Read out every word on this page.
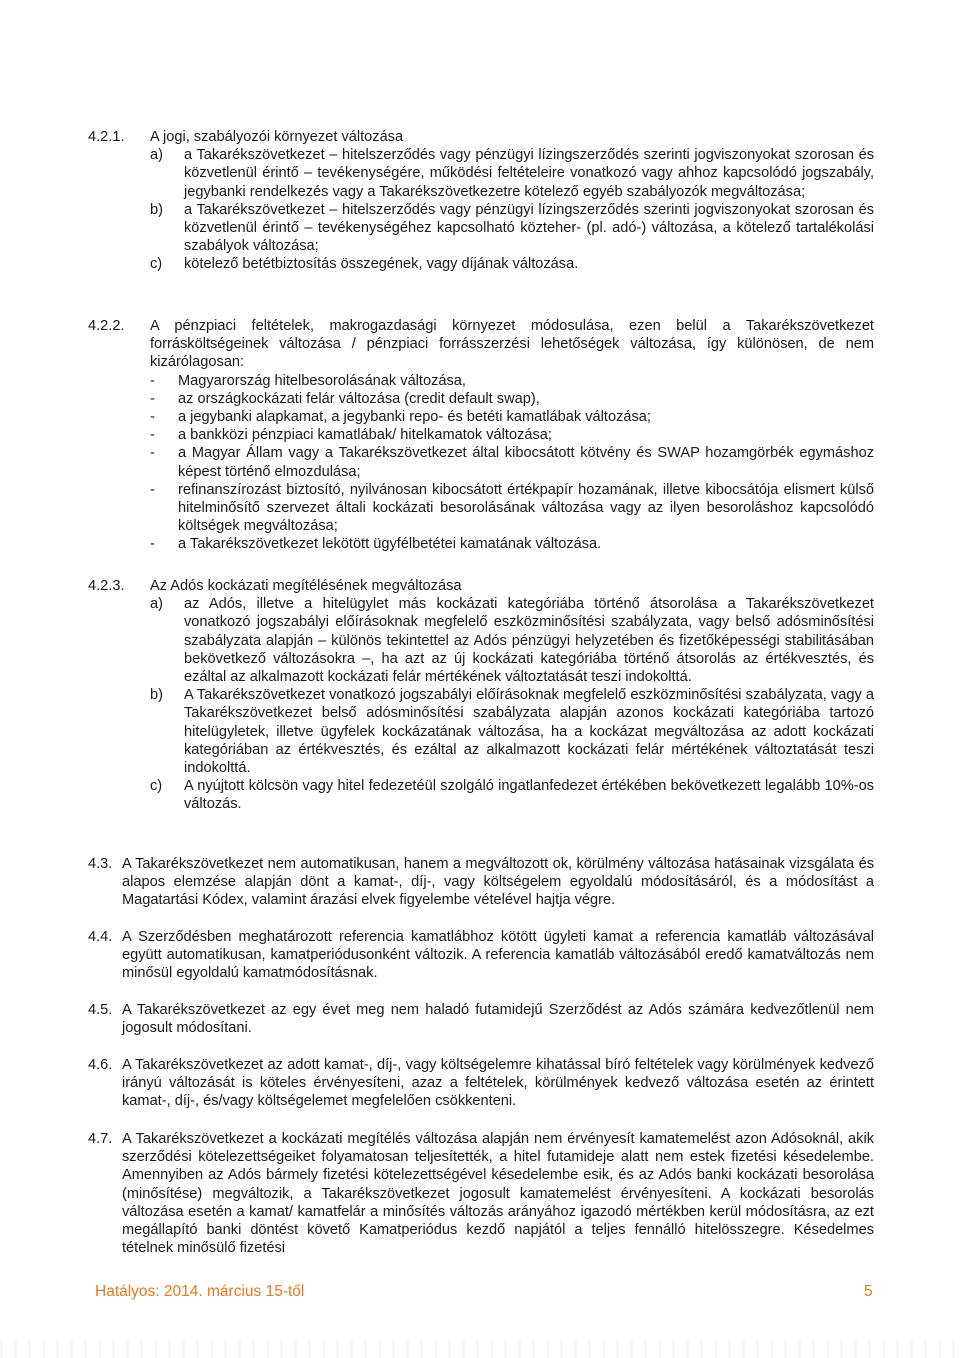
4.2.1. A jogi, szabályozói környezet változása
a) a Takarékszövetkezet – hitelszerződés vagy pénzügyi lízingszerződés szerinti jogviszonyokat szorosan és közvetlenül érintő – tevékenységére, működési feltételeire vonatkozó vagy ahhoz kapcsolódó jogszabály, jegybanki rendelkezés vagy a Takarékszövetkezetre kötelező egyéb szabályozók megváltozása;
b) a Takarékszövetkezet – hitelszerződés vagy pénzügyi lízingszerződés szerinti jogviszonyokat szorosan és közvetlenül érintő – tevékenységéhez kapcsolható közteher- (pl. adó-) változása, a kötelező tartalékolási szabályok változása;
c) kötelező betétbiztosítás összegének, vagy díjának változása.
4.2.2. A pénzpiaci feltételek, makrogazdasági környezet módosulása, ezen belül a Takarékszövetkezet forrásköltségeinek változása / pénzpiaci forrásszerzési lehetőségek változása, így különösen, de nem kizárólagosan:
- Magyarország hitelbesorolásának változása,
- az országkockázati felár változása (credit default swap),
- a jegybanki alapkamat, a jegybanki repo- és betéti kamatlábak változása;
- a bankközi pénzpiaci kamatlábak/ hitelkamatok változása;
- a Magyar Állam vagy a Takarékszövetkezet által kibocsátott kötvény és SWAP hozamgörbék egymáshoz képest történő elmozdulása;
- refinanszírozást biztosító, nyilvánosan kibocsátott értékpapír hozamának, illetve kibocsátója elismert külső hitelminősítő szervezet általi kockázati besorolásának változása vagy az ilyen besoroláshoz kapcsolódó költségek megváltozása;
- a Takarékszövetkezet lekötött ügyfélbetétei kamatának változása.
4.2.3. Az Adós kockázati megítélésének megváltozása
a) az Adós, illetve a hitelügylet más kockázati kategóriába történő átsorolása a Takarékszövetkezet vonatkozó jogszabályi előírásoknak megfelelő eszközminősítési szabályzata, vagy belső adósminősítési szabályzata alapján – különös tekintettel az Adós pénzügyi helyzetében és fizetőképességi stabilitásában bekövetkező változásokra –, ha azt az új kockázati kategóriába történő átsorolás az értékvesztés, és ezáltal az alkalmazott kockázati felár mértékének változtatását teszi indokolttá.
b) A Takarékszövetkezet vonatkozó jogszabályi előírásoknak megfelelő eszközminősítési szabályzata, vagy a Takarékszövetkezet belső adósminősítési szabályzata alapján azonos kockázati kategóriába tartozó hitelügyletek, illetve ügyfelek kockázatának változása, ha a kockázat megváltozása az adott kockázati kategóriában az értékvesztés, és ezáltal az alkalmazott kockázati felár mértékének változtatását teszi indokolttá.
c) A nyújtott kölcsön vagy hitel fedezetéül szolgáló ingatlanfedezet értékében bekövetkezett legalább 10%-os változás.
4.3. A Takarékszövetkezet nem automatikusan, hanem a megváltozott ok, körülmény változása hatásainak vizsgálata és alapos elemzése alapján dönt a kamat-, díj-, vagy költségelem egyoldalú módosításáról, és a módosítást a Magatartási Kódex, valamint árazási elvek figyelembe vételével hajtja végre.
4.4. A Szerződésben meghatározott referencia kamatlábhoz kötött ügyleti kamat a referencia kamatláb változásával együtt automatikusan, kamatperiódusonként változik. A referencia kamatláb változásából eredő kamatváltozás nem minősül egyoldalú kamatmódosításnak.
4.5. A Takarékszövetkezet az egy évet meg nem haladó futamidejű Szerződést az Adós számára kedvezőtlenül nem jogosult módosítani.
4.6. A Takarékszövetkezet az adott kamat-, díj-, vagy költségelemre kihatással bíró feltételek vagy körülmények kedvező irányú változását is köteles érvényesíteni, azaz a feltételek, körülmények kedvező változása esetén az érintett kamat-, díj-, és/vagy költségelemet megfelelően csökkenteni.
4.7. A Takarékszövetkezet a kockázati megítélés változása alapján nem érvényesít kamatemelést azon Adósoknál, akik szerződési kötelezettségeiket folyamatosan teljesítették, a hitel futamideje alatt nem estek fizetési késedelembe. Amennyiben az Adós bármely fizetési kötelezettségével késedelembe esik, és az Adós banki kockázati besorolása (minősítése) megváltozik, a Takarékszövetkezet jogosult kamatemelést érvényesíteni. A kockázati besorolás változása esetén a kamat/ kamatfelár a minősítés változás arányához igazodó mértékben kerül módosításra, az ezt megállapító banki döntést követő Kamatperiódus kezdő napjától a teljes fennálló hitelösszegre. Késedelmes tételnek minősülő fizetési
Hatályos: 2014. március 15-től	5
